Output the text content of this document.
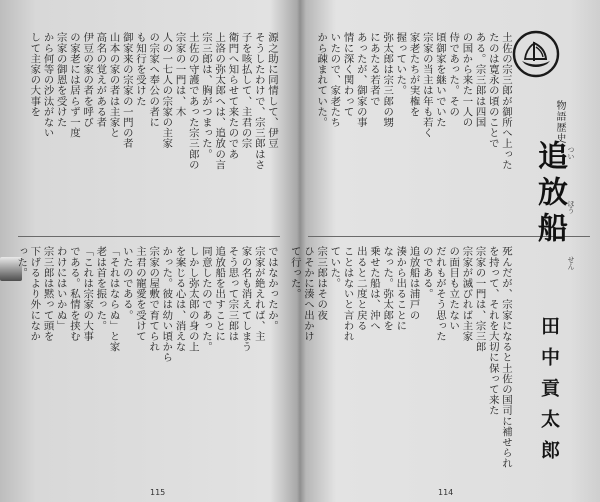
源之助に同情して、伊豆

そうしたわけで、宗三郎はさ

子を咳払して、主君の宗

衛門へ知らせて来たのであ

上洛の弥太郎へは、追放の言

宗三郎は、胸がつまった。

土佐の守護であった宗三郎の

宗家の一門は、木

人の一七人の宗家の主家

の宗家へ奉公の者に

も知行を受けた

御家来の宗家の一門の者

山本の家の者は主家と

高名の覚えがある者

伊豆の家の者を呼び

の家老には居らず一度

宗家の御恩を受けた

から何等の沙汰がない

して主家の大事を

ではなかったか。

宗家が絶えれば、主

家の名も消えてしまう

そう思って宗三郎は

追放船を出すことに

同意したのであった。

しかし弥太郎の身の上

を案じる心は、消えな

かった。彼は幼い頃から

宗家の屋敷で育てられ

主君の寵愛を受けて

いたのである。

「それはならぬ」と家

老は首を振った。

「これは宗家の大事

である。私情を挟む

わけにはいかぬ」

宗三郎は黙って頭を

下げるより外になか

った。

115

土佐の宗三郎が御所へ上った

たのは寛永の頃のことで

ある。宗三郎は四国

の国から来た一人の

侍であった。その

頃御家を継いでいた

宗家の当主は年も若く

家老たちが実権を

握っていた。

弥太郎は宗三郎の甥

にあたる若者で

あったが、御家の事

情に深く関わって

いたので、家老たち

から疎まれていた。

死んだが、宗家になると土佐の国司に補せられ

を持って、それを大切に保って来た

宗家の一門は、宗三郎

宗家が滅びれば主家

の面目も立たない

だれもがそう思った

のである。

追放船は浦戸の

湊から出ることに

なった。弥太郎を

乗せた船は、沖へ

出ると二度と戻る

ことはないと言われ

ていた。

宗三郎はその夜

ひそかに湊へ出かけ

て行った。

114
物語歴史
追放船 つい
ほう
せん
田中貢太郎
